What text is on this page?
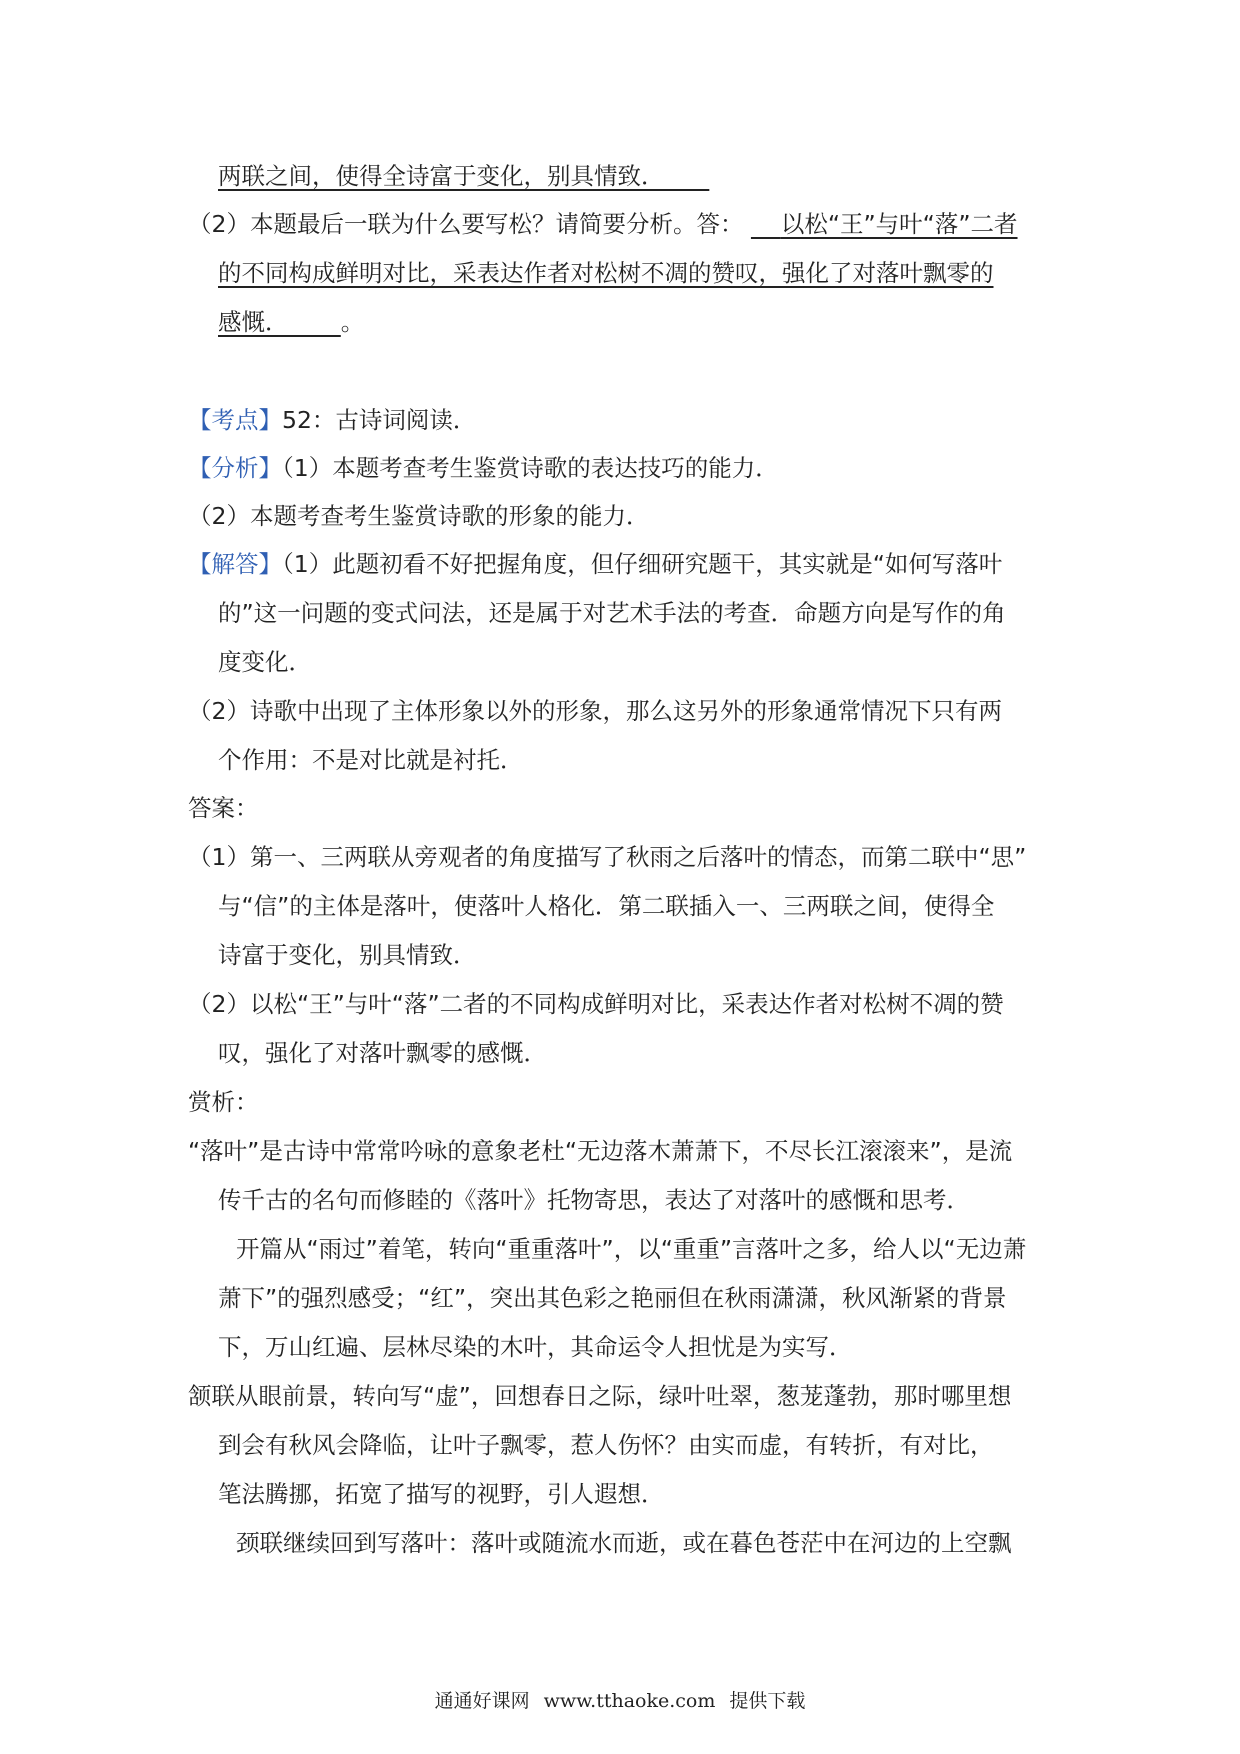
两联之间，使得全诗富于变化，别具情致．
（2）本题最后一联为什么要写松？请简要分析。答： 以松“王”与叶“落”二者
的不同构成鲜明对比，采表达作者对松树不凋的赞叹，强化了对落叶飘零的
感慨． 。
【考点】52：古诗词阅读．
【分析】（1）本题考查考生鉴赏诗歌的表达技巧的能力．
（2）本题考查考生鉴赏诗歌的形象的能力．
【解答】（1）此题初看不好把握角度，但仔细研究题干，其实就是“如何写落叶
的”这一问题的变式问法，还是属于对艺术手法的考查．命题方向是写作的角
度变化．
（2）诗歌中出现了主体形象以外的形象，那么这另外的形象通常情况下只有两
个作用：不是对比就是衬托．
答案：
（1）第一、三两联从旁观者的角度描写了秋雨之后落叶的情态，而第二联中“思”
与“信”的主体是落叶，使落叶人格化．第二联插入一、三两联之间，使得全
诗富于变化，别具情致．
（2）以松“王”与叶“落”二者的不同构成鲜明对比，采表达作者对松树不凋的赞
叹，强化了对落叶飘零的感慨．
赏析：
“落叶”是古诗中常常吟咏的意象老杜“无边落木萧萧下，不尽长江滚滚来”，是流
传千古的名句而修睦的《落叶》托物寄思，表达了对落叶的感慨和思考．
开篇从“雨过”着笔，转向“重重落叶”，以“重重”言落叶之多，给人以“无边萧
萧下”的强烈感受；“红”，突出其色彩之艳丽但在秋雨潇潇，秋风渐紧的背景
下，万山红遍、层林尽染的木叶，其命运令人担忧是为实写．
颔联从眼前景，转向写“虚”，回想春日之际，绿叶吐翠，葱茏蓬勃，那时哪里想
到会有秋风会降临，让叶子飘零，惹人伤怀？由实而虚，有转折，有对比，
笔法腾挪，拓宽了描写的视野，引人遐想．
颈联继续回到写落叶：落叶或随流水而逝，或在暮色苍茫中在河边的上空飘
通通好课网 www.tthaoke.com 提供下载
